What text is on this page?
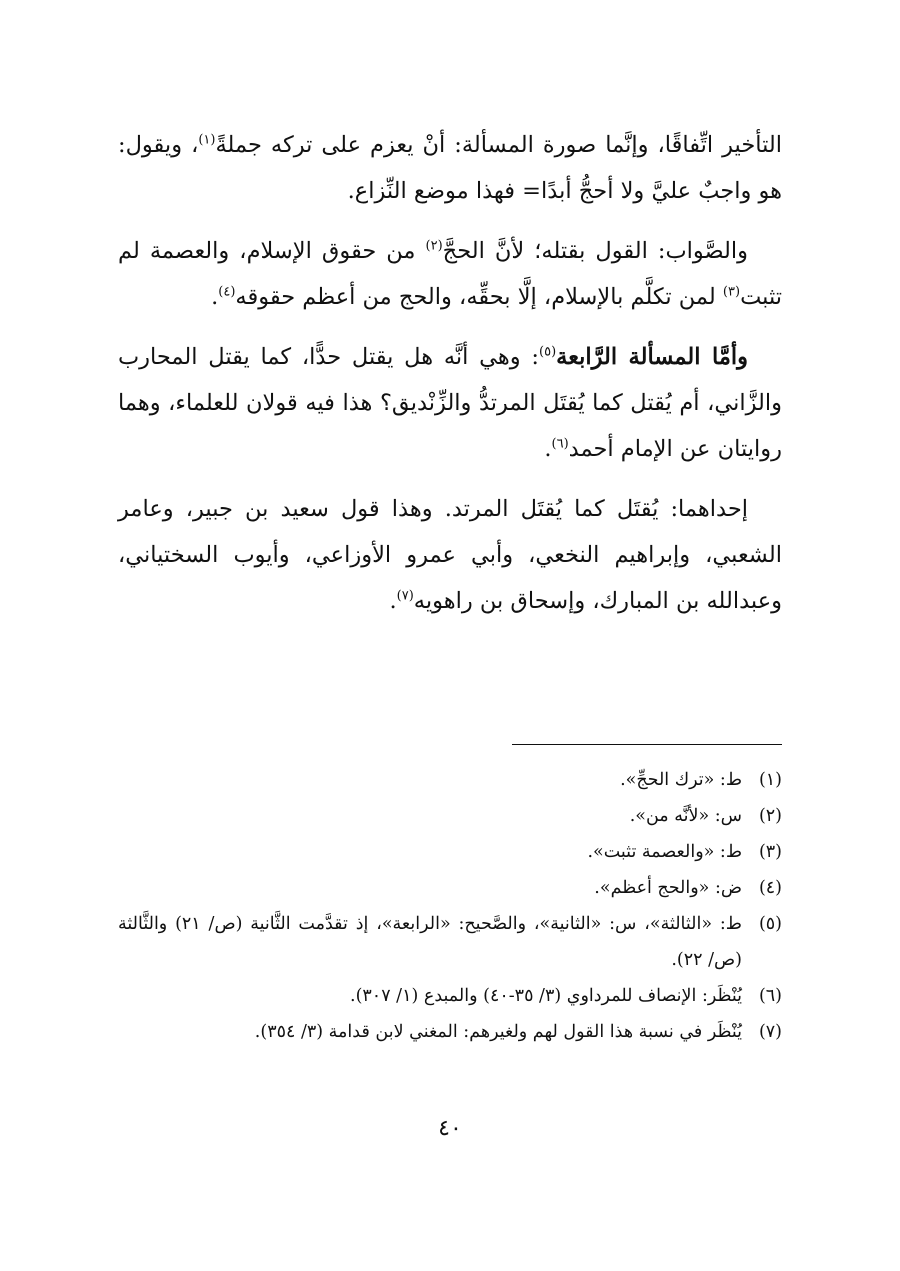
التأخير اتِّفاقًا، وإنَّما صورة المسألة: أنْ يعزم على تركه جملةً$^{(١)}$، ويقول: هو واجبٌ عليَّ ولا أحجُّ أبدًا= فهذا موضع النِّزاع.

والصَّواب: القول بقتله؛ لأنَّ الحجَّ$^{(٢)}$ من حقوق الإسلام، والعصمة لم تثبت$^{(٣)}$ لمن تكلَّم بالإسلام، إلَّا بحقِّه، والحج من أعظم حقوقه$^{(٤)}$.

وأمَّا المسألة الرَّابعة$^{(٥)}$: وهي أنَّه هل يقتل حدًّا، كما يقتل المحارب والزَّاني، أم يُقتل كما يُقتَل المرتدُّ والزِّنْديق؟ هذا فيه قولان للعلماء، وهما روايتان عن الإمام أحمد$^{(٦)}$.

إحداهما: يُقتَل كما يُقتَل المرتد. وهذا قول سعيد بن جبير، وعامر الشعبي، وإبراهيم النخعي، وأبي عمرو الأوزاعي، وأيوب السختياني، وعبدالله بن المبارك، وإسحاق بن راهويه$^{(٧)}$.

(١)
ط: «ترك الحجِّ».
(٢)
س: «لأنَّه من».
(٣)
ط: «والعصمة تثبت».
(٤)
ض: «والحج أعظم».
(٥)
ط: «الثالثة»، س: «الثانية»، والصَّحيح: «الرابعة»، إذ تقدَّمت الثَّانية (ص/ ٢١) والثَّالثة (ص/ ٢٢).
(٦)
يُنْظَر: الإنصاف للمرداوي (٣/ ٣٥-٤٠) والمبدع (١/ ٣٠٧).
(٧)
يُنْظَر في نسبة هذا القول لهم ولغيرهم: المغني لابن قدامة (٣/ ٣٥٤).
٤٠
